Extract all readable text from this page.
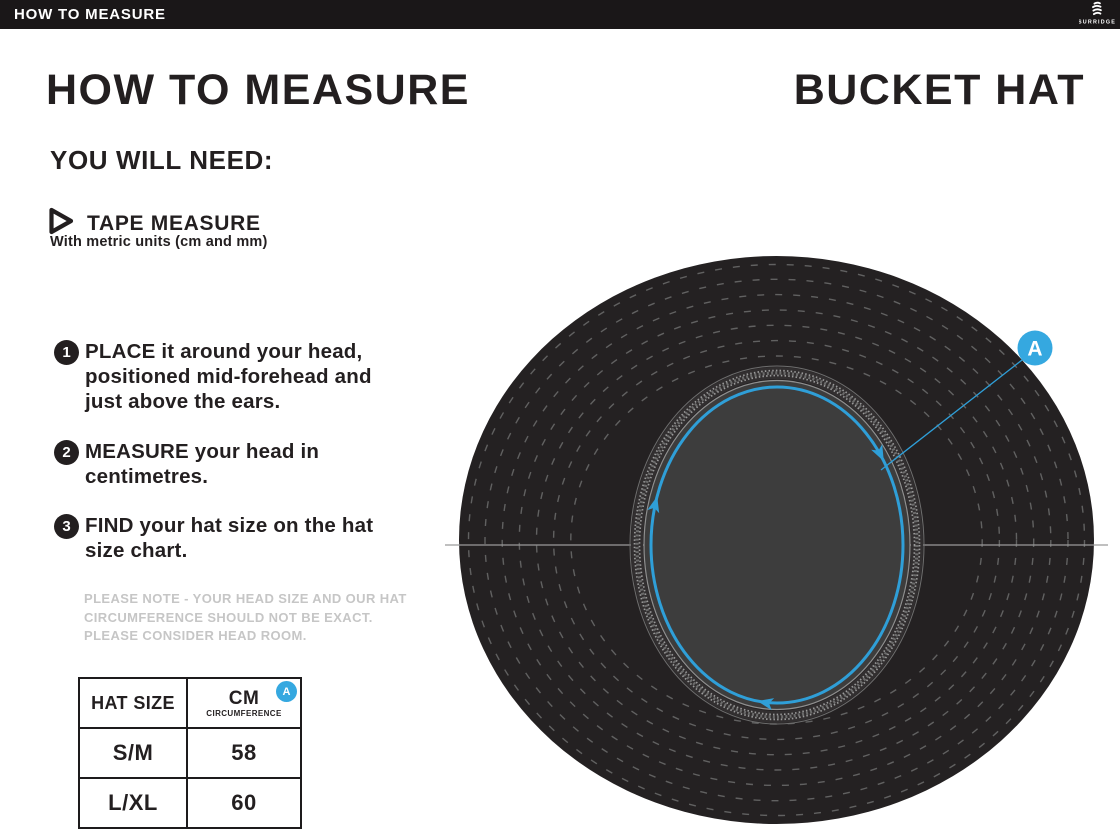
HOW TO MEASURE	SURRIDGE
HOW TO MEASURE	BUCKET HAT
YOU WILL NEED:
TAPE MEASURE
With metric units (cm and mm)
1 PLACE it around your head,
positioned mid-forehead and
just above the ears.
2 MEASURE your head in
centimetres.
3 FIND your hat size on the hat
size chart.
PLEASE NOTE - YOUR HEAD SIZE AND OUR HAT
CIRCUMFERENCE SHOULD NOT BE EXACT.
PLEASE CONSIDER HEAD ROOM.
HAT SIZE	CM
CIRCUMFERENCE
A
S/M	58
L/XL	60
A
